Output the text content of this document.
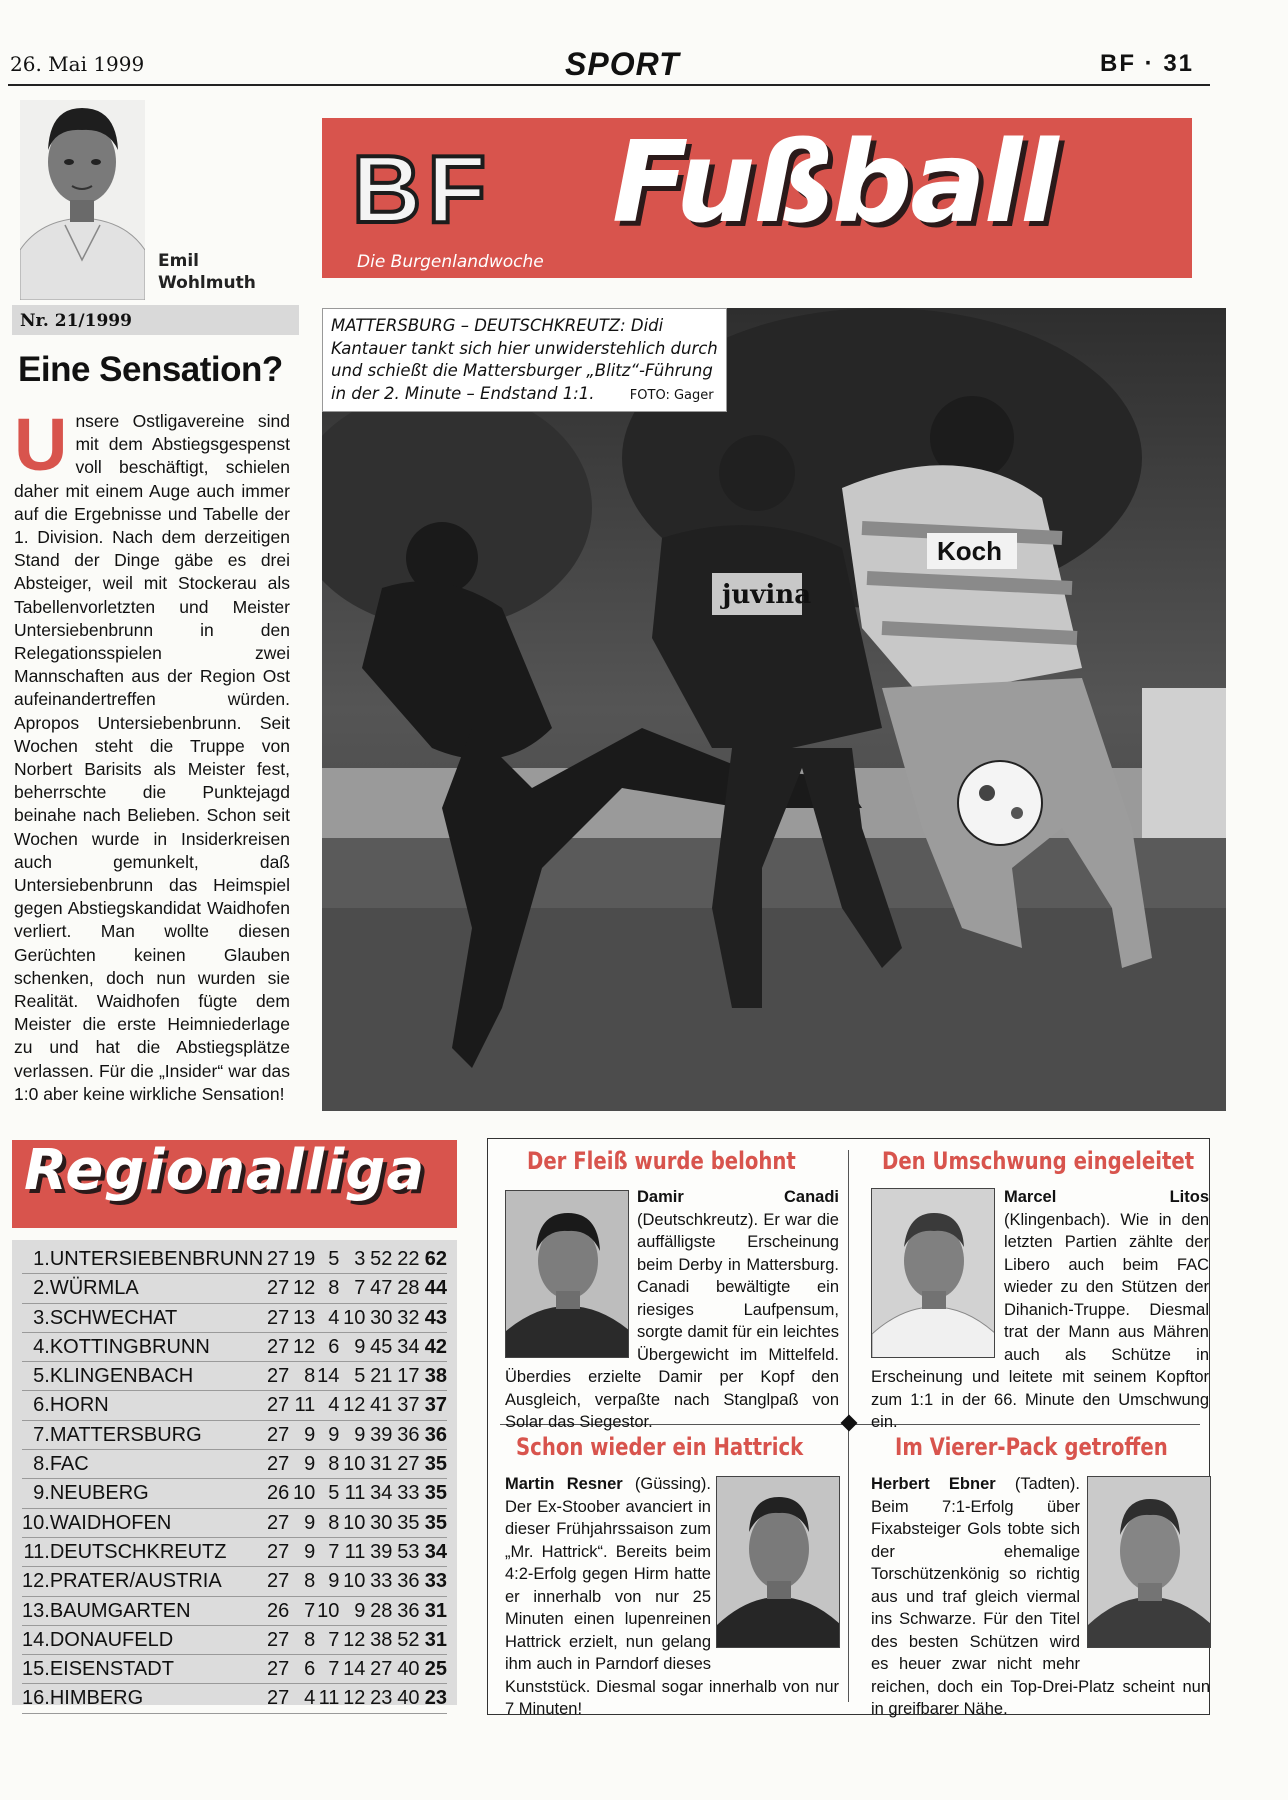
26. Mai 1999	SPORT	BF · 31
Emil
Wohlmuth
Nr. 21/1999
Eine Sensation?
U nsere Ostligavereine sind mit dem Abstiegsgespenst voll beschäftigt, schielen daher mit einem Auge auch immer auf die Ergebnisse und Tabelle der 1. Division. Nach dem derzeitigen Stand der Dinge gäbe es drei Absteiger, weil mit Stockerau als Tabellenvorletzten und Meister Untersiebenbrunn in den Relegationsspielen zwei Mannschaften aus der Region Ost aufeinandertreffen würden. Apropos Untersiebenbrunn. Seit Wochen steht die Truppe von Norbert Barisits als Meister fest, beherrschte die Punktejagd beinahe nach Belieben. Schon seit Wochen wurde in Insiderkreisen auch gemunkelt, daß Untersiebenbrunn das Heimspiel gegen Abstiegskandidat Waidhofen verliert. Man wollte diesen Gerüchten keinen Glauben schenken, doch nun wurden sie Realität. Waidhofen fügte dem Meister die erste Heimniederlage zu und hat die Abstiegsplätze verlassen. Für die „Insider“ war das 1:0 aber keine wirkliche Sensation!
BF Fußball
Die Burgenlandwoche
juvina
Koch
MATTERSBURG – DEUTSCHKREUTZ: Didi Kantauer tankt sich hier unwiderstehlich durch und schießt die Mattersburger „Blitz“-Führung in der 2. Minute – Endstand 1:1.	FOTO: Gager
Regionalliga
1.	UNTERSIEBENBRUNN	27	19	5	3	52	22	62
2.	WÜRMLA	27	12	8	7	47	28	44
3.	SCHWECHAT	27	13	4	10	30	32	43
4.	KOTTINGBRUNN	27	12	6	9	45	34	42
5.	KLINGENBACH	27	8	14	5	21	17	38
6.	HORN	27	11	4	12	41	37	37
7.	MATTERSBURG	27	9	9	9	39	36	36
8.	FAC	27	9	8	10	31	27	35
9.	NEUBERG	26	10	5	11	34	33	35
10.	WAIDHOFEN	27	9	8	10	30	35	35
11.	DEUTSCHKREUTZ	27	9	7	11	39	53	34
12.	PRATER/AUSTRIA	27	8	9	10	33	36	33
13.	BAUMGARTEN	26	7	10	9	28	36	31
14.	DONAUFELD	27	8	7	12	38	52	31
15.	EISENSTADT	27	6	7	14	27	40	25
16.	HIMBERG	27	4	11	12	23	40	23
Der Fleiß wurde belohnt
Damir Canadi (Deutschkreutz). Er war die auffälligste Erscheinung beim Derby in Mattersburg. Canadi bewältigte ein riesiges Laufpensum, sorgte damit für ein leichtes Übergewicht im Mittelfeld. Überdies erzielte Damir per Kopf den Ausgleich, verpaßte nach Stanglpaß von Solar das Siegestor.
Den Umschwung eingeleitet
Marcel Litos (Klingenbach). Wie in den letzten Partien zählte der Libero auch beim FAC wieder zu den Stützen der Dihanich-Truppe. Diesmal trat der Mann aus Mähren auch als Schütze in Erscheinung und leitete mit seinem Kopftor zum 1:1 in der 66. Minute den Umschwung ein.
Schon wieder ein Hattrick
Martin Resner (Güssing). Der Ex-Stoober avanciert in dieser Frühjahrssaison zum „Mr. Hattrick“. Bereits beim 4:2-Erfolg gegen Hirm hatte er innerhalb von nur 25 Minuten einen lupenreinen Hattrick erzielt, nun gelang ihm auch in Parndorf dieses Kunststück. Diesmal sogar innerhalb von nur 7 Minuten!
Im Vierer-Pack getroffen
Herbert Ebner (Tadten). Beim 7:1-Erfolg über Fixabsteiger Gols tobte sich der ehemalige Torschützenkönig so richtig aus und traf gleich viermal ins Schwarze. Für den Titel des besten Schützen wird es heuer zwar nicht mehr reichen, doch ein Top-Drei-Platz scheint nun in greifbarer Nähe.
